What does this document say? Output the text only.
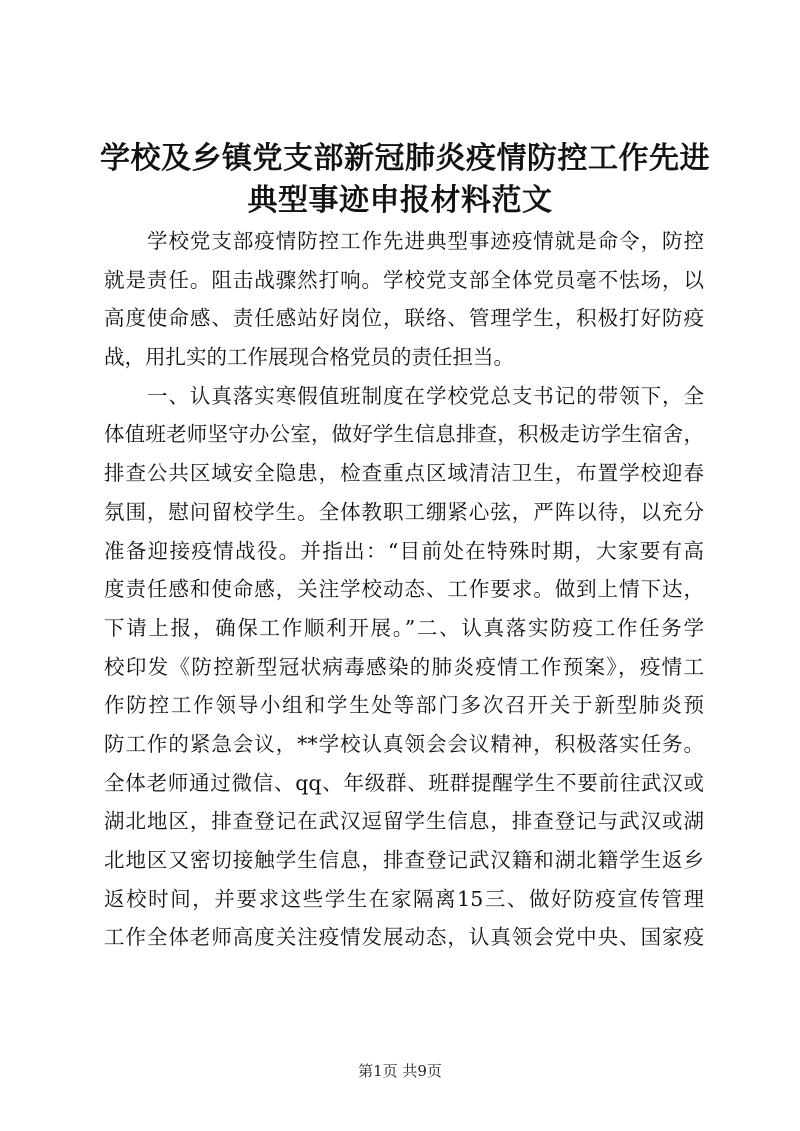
学校及乡镇党支部新冠肺炎疫情防控工作先进
典型事迹申报材料范文
学校党支部疫情防控工作先进典型事迹疫情就是命令，防控
就是责任。阻击战骤然打响。学校党支部全体党员毫不怯场，以
高度使命感、责任感站好岗位，联络、管理学生，积极打好防疫
战，用扎实的工作展现合格党员的责任担当。
一、认真落实寒假值班制度在学校党总支书记的带领下，全
体值班老师坚守办公室，做好学生信息排查，积极走访学生宿舍，
排查公共区域安全隐患，检查重点区域清洁卫生，布置学校迎春
氛围，慰问留校学生。全体教职工绷紧心弦，严阵以待，以充分
准备迎接疫情战役。并指出：“目前处在特殊时期，大家要有高
度责任感和使命感，关注学校动态、工作要求。做到上情下达，
下请上报，确保工作顺利开展。”二、认真落实防疫工作任务学
校印发《防控新型冠状病毒感染的肺炎疫情工作预案》，疫情工
作防控工作领导小组和学生处等部门多次召开关于新型肺炎预
防工作的紧急会议，**学校认真领会会议精神，积极落实任务。
全体老师通过微信、qq、年级群、班群提醒学生不要前往武汉或
湖北地区，排查登记在武汉逗留学生信息，排查登记与武汉或湖
北地区又密切接触学生信息，排查登记武汉籍和湖北籍学生返乡
返校时间，并要求这些学生在家隔离15三、做好防疫宣传管理
工作全体老师高度关注疫情发展动态，认真领会党中央、国家疫
第1页 共9页
